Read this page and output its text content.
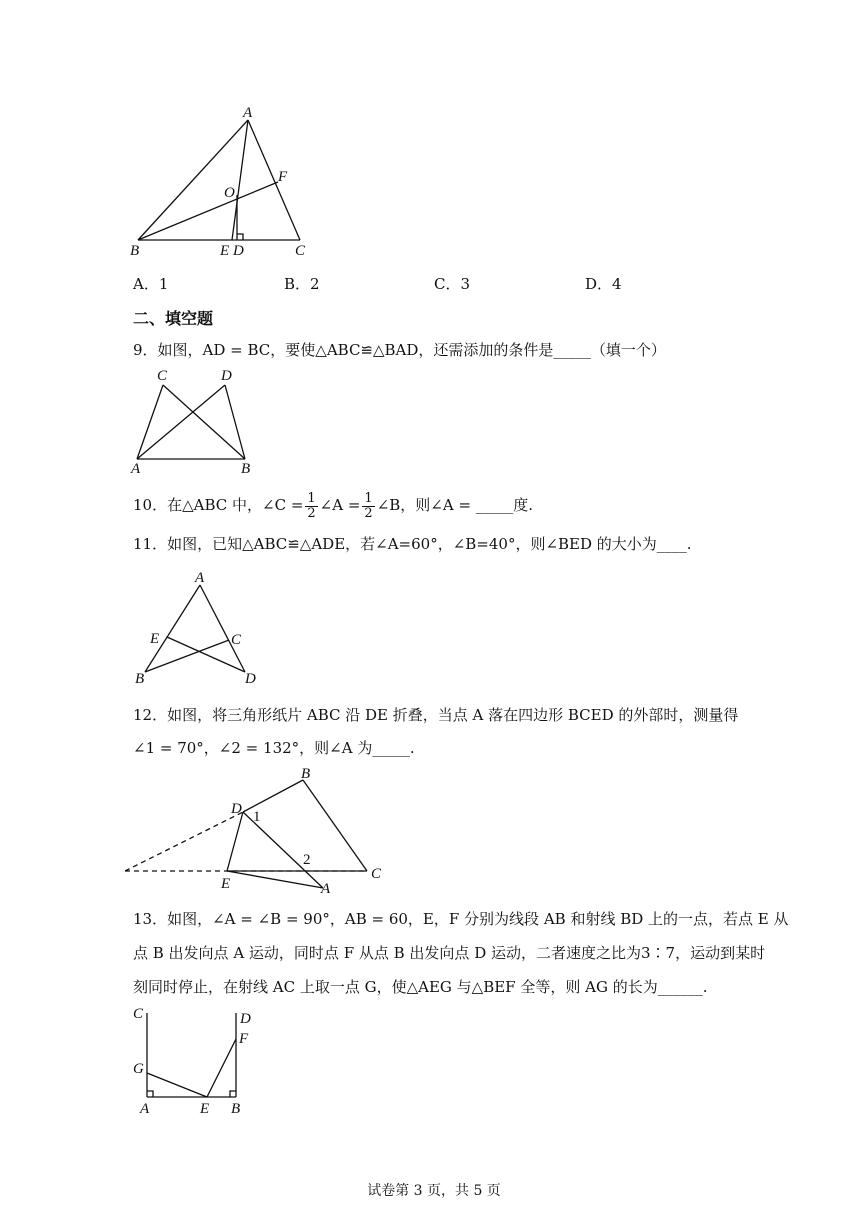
A
F
O
B	E D	C
A．1	B．2	C．3	D．4
二、填空题
9．如图，AD = BC，要使△ABC≌△BAD，还需添加的条件是_____（填一个）
C	D
A	B
10．在△ABC 中，∠C = $\frac{1}{2}$ ∠A = $\frac{1}{2}$ ∠B，则∠A = _____度.
11．如图，已知△ABC≌△ADE，若∠A=60°，∠B=40°，则∠BED 的大小为____.
A
E	C
B	D
12．如图，将三角形纸片 ABC 沿 DE 折叠，当点 A 落在四边形 BCED 的外部时，测量得
∠1 = 70°，∠2 = 132°，则∠A 为_____.
B
D 1
2
E	A
C
13．如图，∠A = ∠B = 90°，AB = 60，E，F 分别为线段 AB 和射线 BD 上的一点，若点 E 从
点 B 出发向点 A 运动，同时点 F 从点 B 出发向点 D 运动，二者速度之比为3∶7，运动到某时
刻同时停止，在射线 AC 上取一点 G，使△AEG 与△BEF 全等，则 AG 的长为______.
C	D
F
G
A	E B
试卷第 3 页，共 5 页
